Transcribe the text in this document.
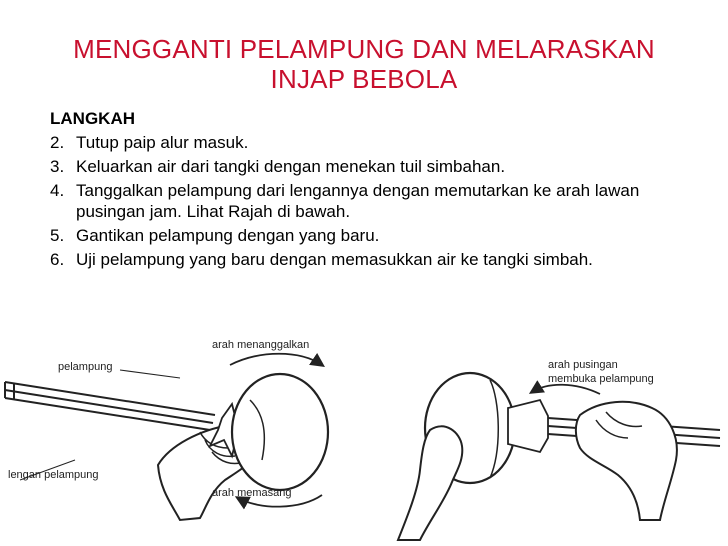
MENGGANTI PELAMPUNG DAN MELARASKAN
INJAP BEBOLA
LANGKAH
2. Tutup paip alur masuk.
3. Keluarkan air dari tangki dengan menekan tuil simbahan.
4. Tanggalkan pelampung dari lengannya dengan memutarkan ke arah lawan pusingan jam. Lihat Rajah di bawah.
5. Gantikan pelampung dengan yang baru.
6. Uji pelampung yang baru dengan memasukkan air ke tangki simbah.
arah menanggalkan
pelampung
lengan pelampung
arah memasang
arah pusingan
membuka pelampung
